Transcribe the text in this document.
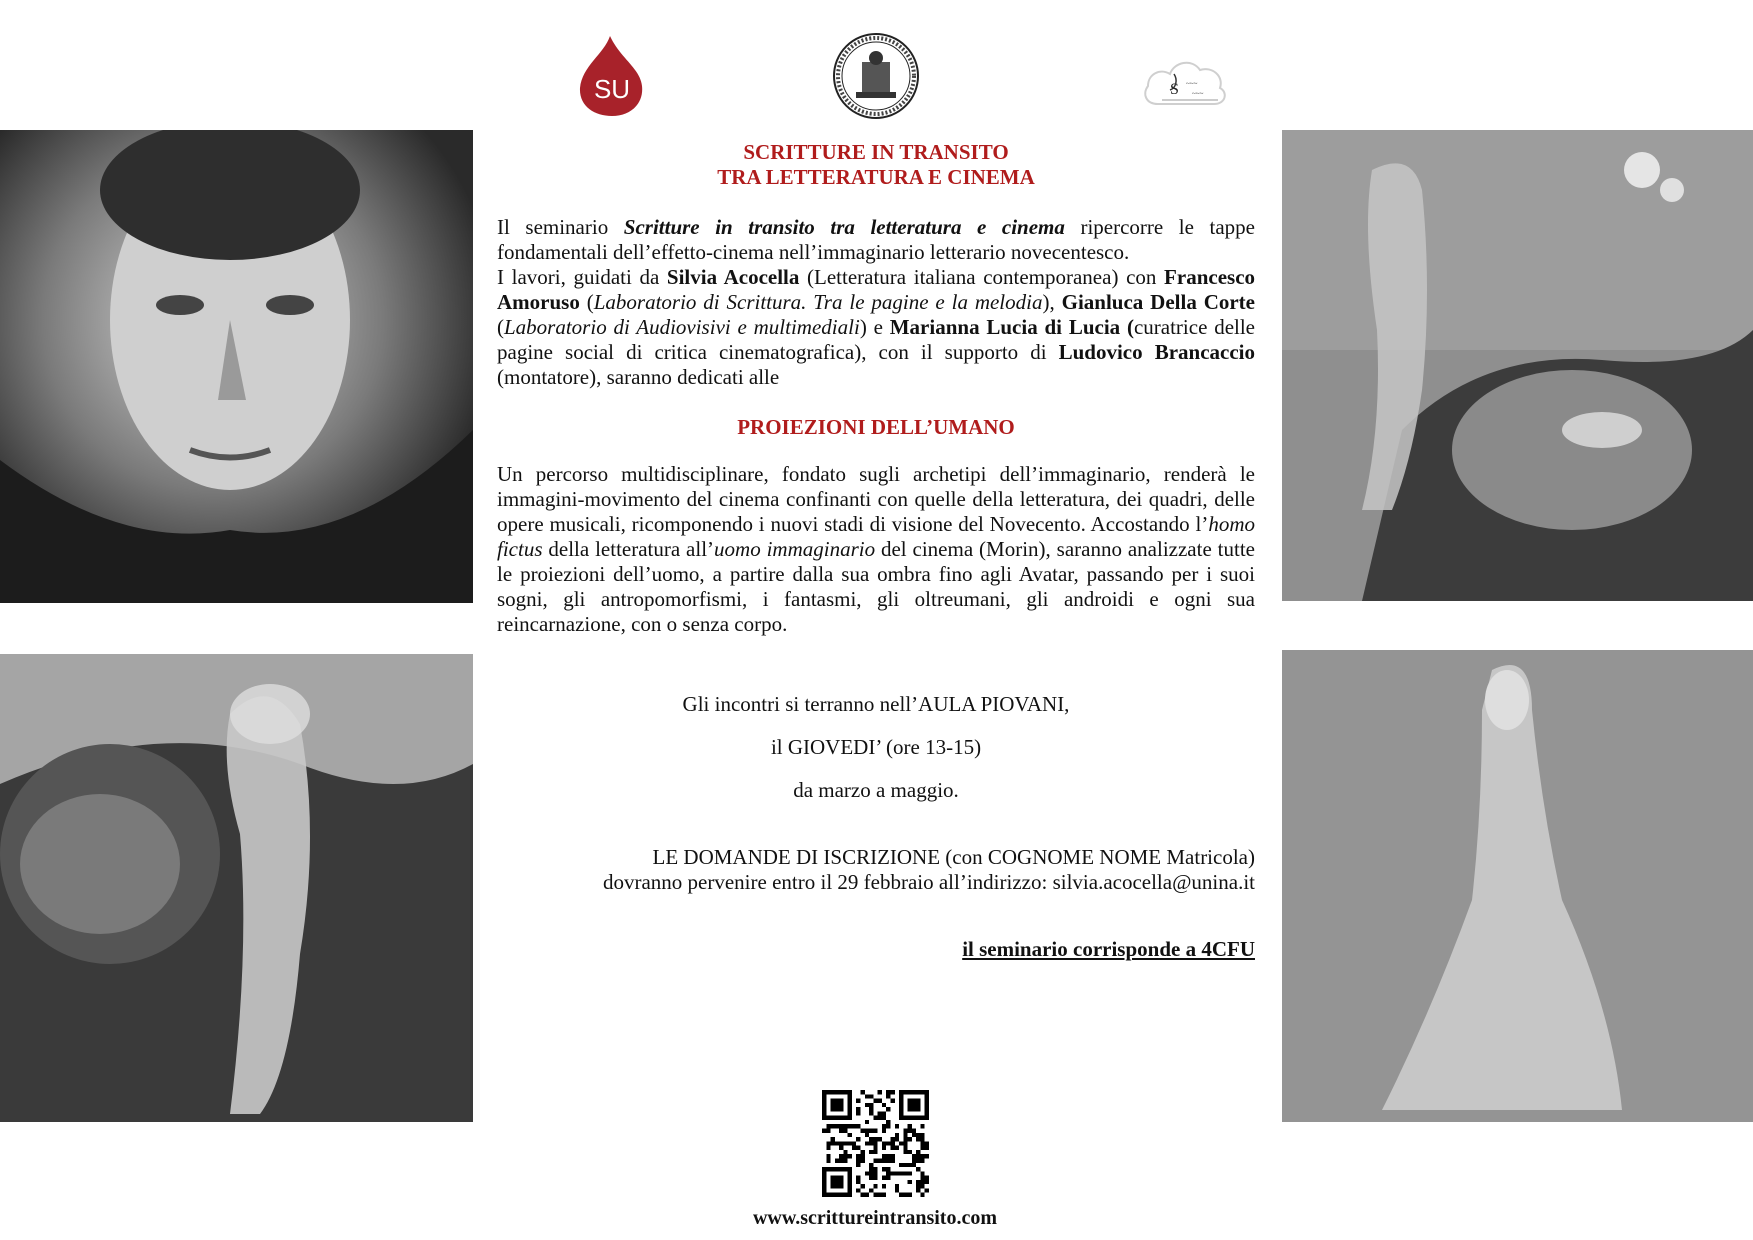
SU	S ~~~
~~~
SCRITTURE IN TRANSITO
TRA LETTERATURA E CINEMA

Il seminario Scritture in transito tra letteratura e cinema ripercorre le tappe fondamentali dell’effetto-cinema nell’immaginario letterario novecentesco.

I lavori, guidati da Silvia Acocella (Letteratura italiana contemporanea) con Francesco Amoruso (Laboratorio di Scrittura. Tra le pagine e la melodia), Gianluca Della Corte (Laboratorio di Audiovisivi e multimediali) e Marianna Lucia di Lucia (curatrice delle pagine social di critica cinematografica), con il supporto di Ludovico Brancaccio (montatore), saranno dedicati alle

PROIEZIONI DELL’UMANO

Un percorso multidisciplinare, fondato sugli archetipi dell’immaginario, renderà le immagini-movimento del cinema confinanti con quelle della letteratura, dei quadri, delle opere musicali, ricomponendo i nuovi stadi di visione del Novecento. Accostando l’homo fictus della letteratura all’uomo immaginario del cinema (Morin), saranno analizzate tutte le proiezioni dell’uomo, a partire dalla sua ombra fino agli Avatar, passando per i suoi sogni, gli antropomorfismi, i fantasmi, gli oltreumani, gli androidi e ogni sua reincarnazione, con o senza corpo.

Gli incontri si terranno nell’AULA PIOVANI,

il GIOVEDI’ (ore 13-15)

da marzo a maggio.

LE DOMANDE DI ISCRIZIONE (con COGNOME NOME Matricola)

dovranno pervenire entro il 29 febbraio all’indirizzo: silvia.acocella@unina.it

il seminario corrisponde a 4CFU
www.scrittureintransito.com
